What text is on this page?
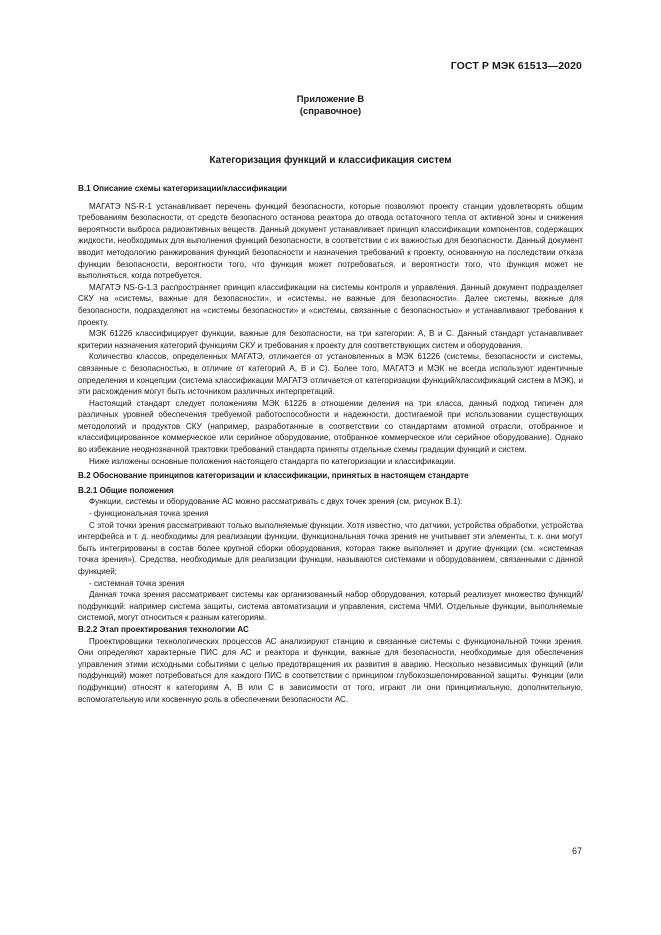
ГОСТ Р МЭК 61513—2020
Приложение В
(справочное)
Категоризация функций и классификация систем
В.1 Описание схемы категоризации/классификации

МАГАТЭ NS-R-1 устанавливает перечень функций безопасности, которые позволяют проекту станции удовлетворять общим требованиям безопасности, от средств безопасного останова реактора до отвода остаточного тепла от активной зоны и снижения вероятности выброса радиоактивных веществ. Данный документ устанавливает принцип классификации компонентов, содержащих жидкости, необходимых для выполнения функций безопасности, в соответствии с их важностью для безопасности. Данный документ вводит методологию ранжирования функций безопасности и назначения требований к проекту, основанную на последствии отказа функции безопасности, вероятности того, что функция может потребоваться, и вероятности того, что функция может не выполняться, когда потребуется.

МАГАТЭ NS-G-1.3 распространяет принцип классификации на системы контроля и управления. Данный документ подразделяет СКУ на «системы, важные для безопасности», и «системы, не важные для безопасности». Далее системы, важные для безопасности, подразделяют на «системы безопасности» и «системы, связанные с безопасностью» и устанавливают требования к проекту.

МЭК 61226 классифицирует функции, важные для безопасности, на три категории: А, В и С. Данный стандарт устанавливает критерии назначения категорий функциям СКУ и требования к проекту для соответствующих систем и оборудования.

Количество классов, определенных МАГАТЭ, отличается от установленных в МЭК 61226 (системы, безопасности и системы, связанные с безопасностью, в отличие от категорий А, В и С). Более того, МАГАТЭ и МЭК не всегда используют идентичные определения и концепции (система классификации МАГАТЭ отличается от категоризации функций/классификаций систем в МЭК), и эти расхождения могут быть источником различных интерпретаций.

Настоящий стандарт следует положениям МЭК 61226 в отношении деления на три класса, данный подход типичен для различных уровней обеспечения требуемой работоспособности и надежности, достигаемой при использовании существующих методологий и продуктов СКУ (например, разработанные в соответствии со стандартами атомной отрасли, отобранное и классифицированное коммерческое или серийное оборудование, отобранное коммерческое или серийное оборудование). Однако во избежание неоднозначной трактовки требований стандарта приняты отдельные схемы градации функций и систем.

Ниже изложены основные положения настоящего стандарта по категоризации и классификации.

В.2 Обоснование принципов категоризации и классификации, принятых в настоящем стандарте
В.2.1 Общие положения

Функции, системы и оборудование АС можно рассматривать с двух точек зрения (см. рисунок В.1):

- функциональная точка зрения

С этой точки зрения рассматривают только выполняемые функции. Хотя известно, что датчики, устройства обработки, устройства интерфейса и т. д. необходимы для реализации функции, функциональная точка зрения не учитывает эти элементы, т. к. они могут быть интегрированы в состав более крупной сборки оборудования, которая также выполняет и другие функции (см. «системная точка зрения»). Средства, необходимые для реализации функции, называются системами и оборудованием, связанными с данной функцией;

- системная точка зрения

Данная точка зрения рассматривает системы как организованный набор оборудования, который реализует множество функций/подфункций: например система защиты, система автоматизации и управления, система ЧМИ. Отдельные функции, выполняемые системой, могут относиться к разным категориям.

В.2.2 Этап проектирования технологии АС

Проектировщики технологических процессов АС анализируют станцию и связанные системы с функциональной точки зрения. Они определяют характерные ПИС для АС и реактора и функции, важные для безопасности, необходимые для обеспечения управления этими исходными событиями с целью предотвращения их развития в аварию. Несколько независимых функций (или подфункций) может потребоваться для каждого ПИС в соответствии с принципом глубокоэшелонированной защиты. Функции (или подфункции) относят к категориям А, В или С в зависимости от того, играют ли они принципиальную, дополнительную, вспомогательную или косвенную роль в обеспечении безопасности АС.

67
